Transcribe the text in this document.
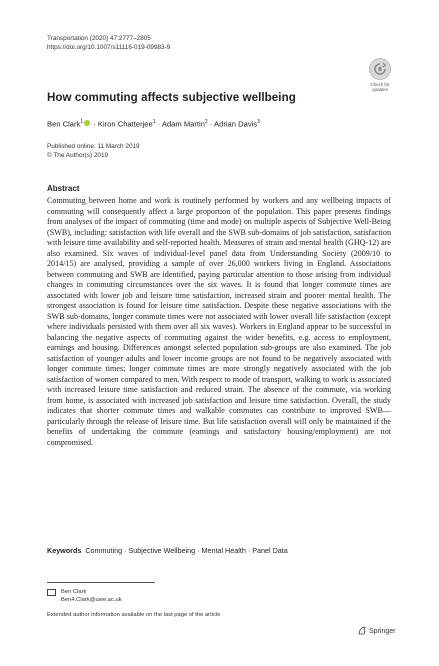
Transportation (2020) 47:2777–2805
https://doi.org/10.1007/s11116-019-09983-9
Check for
updates
How commuting affects subjective wellbeing
Ben Clark$^1$ · Kiron Chatterjee$^1$ · Adam Martin$^2$ · Adrian Davis$^3$
Published online: 11 March 2019
© The Author(s) 2019
Abstract
Commuting between home and work is routinely performed by workers and any wellbeing impacts of commuting will consequently affect a large proportion of the population. This paper presents findings from analyses of the impact of commuting (time and mode) on multiple aspects of Subjective Well-Being (SWB), including: satisfaction with life overall and the SWB sub-domains of job satisfaction, satisfaction with leisure time availability and self-reported health. Measures of strain and mental health (GHQ-12) are also examined. Six waves of individual-level panel data from Understanding Society (2009/10 to 2014/15) are analysed, providing a sample of over 26,000 workers living in England. Associations between commuting and SWB are identified, paying particular attention to those arising from individual changes in commuting circumstances over the six waves. It is found that longer commute times are associated with lower job and leisure time satisfaction, increased strain and poorer mental health. The strongest association is found for leisure time satisfaction. Despite these negative associations with the SWB sub-domains, longer commute times were not associated with lower overall life satisfaction (except where individuals persisted with them over all six waves). Workers in England appear to be successful in balancing the negative aspects of commuting against the wider benefits, e.g. access to employment, earnings and housing. Differences amongst selected population sub-groups are also examined. The job satisfaction of younger adults and lower income groups are not found to be negatively associated with longer commute times; longer commute times are more strongly negatively associated with the job satisfaction of women compared to men. With respect to mode of transport, walking to work is associated with increased leisure time satisfaction and reduced strain. The absence of the commute, via working from home, is associated with increased job satisfaction and leisure time satisfaction. Overall, the study indicates that shorter commute times and walkable commutes can contribute to improved SWB—particularly through the release of leisure time. But life satisfaction overall will only be maintained if the benefits of undertaking the commute (earnings and satisfactory housing/employment) are not compromised.
Keywords Commuting · Subjective Wellbeing · Mental Health · Panel Data
Ben Clark
Ben4.Clark@uwe.ac.uk
Extended author information available on the last page of the article
Springer
